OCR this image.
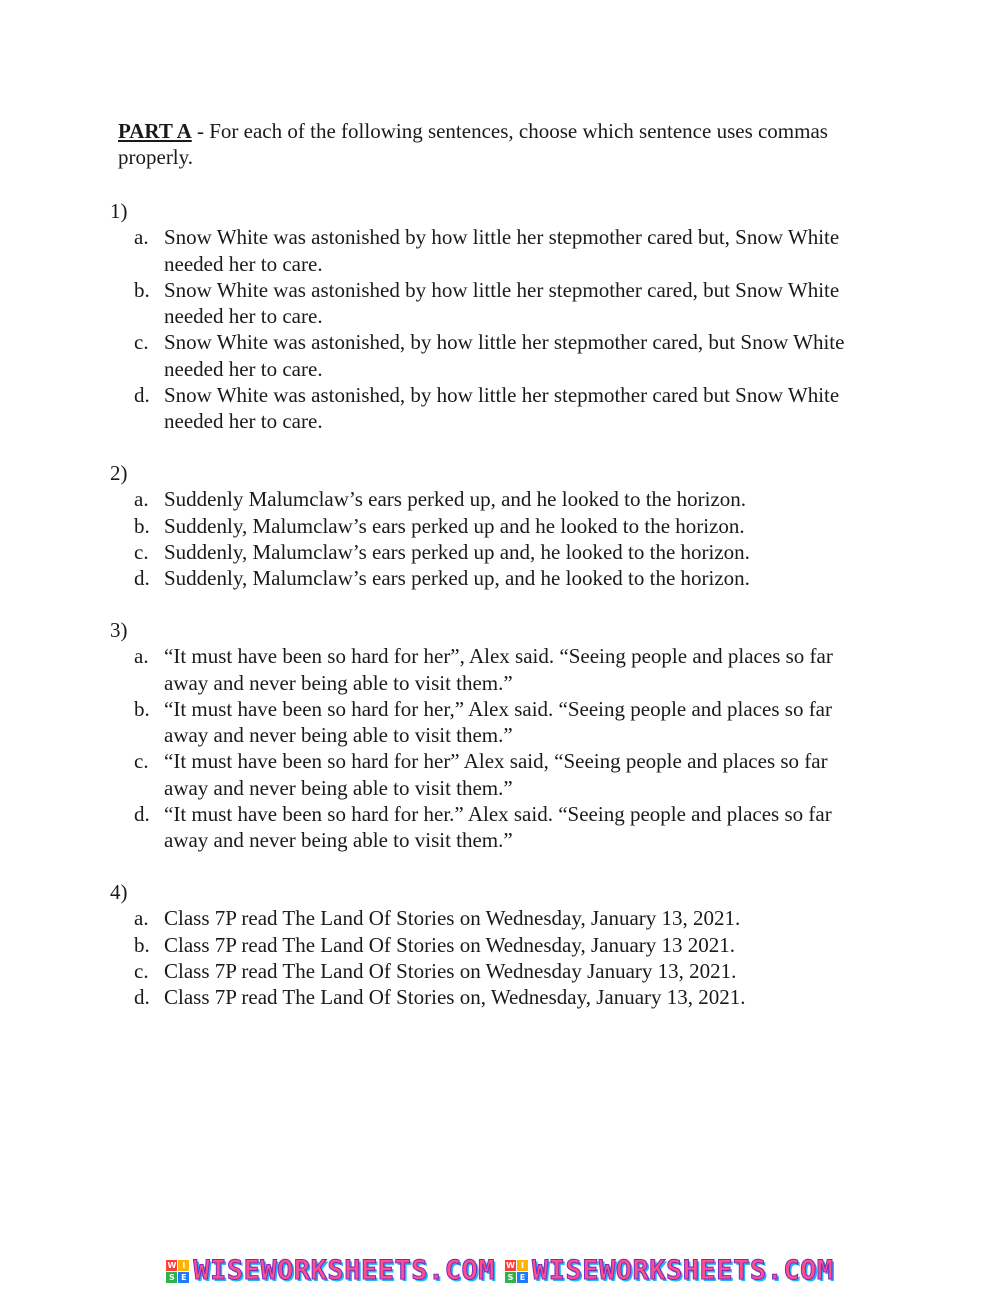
PART A - For each of the following sentences, choose which sentence uses commas properly.
1)
a. Snow White was astonished by how little her stepmother cared but, Snow White needed her to care.
b. Snow White was astonished by how little her stepmother cared, but Snow White needed her to care.
c. Snow White was astonished, by how little her stepmother cared, but Snow White needed her to care.
d. Snow White was astonished, by how little her stepmother cared but Snow White needed her to care.
2)
a. Suddenly Malumclaw’s ears perked up, and he looked to the horizon.
b. Suddenly, Malumclaw’s ears perked up and he looked to the horizon.
c. Suddenly, Malumclaw’s ears perked up and, he looked to the horizon.
d. Suddenly, Malumclaw’s ears perked up, and he looked to the horizon.
3)
a. “It must have been so hard for her”, Alex said. “Seeing people and places so far away and never being able to visit them.”
b. “It must have been so hard for her,” Alex said. “Seeing people and places so far away and never being able to visit them.”
c. “It must have been so hard for her” Alex said, “Seeing people and places so far away and never being able to visit them.”
d. “It must have been so hard for her.” Alex said. “Seeing people and places so far away and never being able to visit them.”
4)
a. Class 7P read The Land Of Stories on Wednesday, January 13, 2021.
b. Class 7P read The Land Of Stories on Wednesday, January 13 2021.
c. Class 7P read The Land Of Stories on Wednesday January 13, 2021.
d. Class 7P read The Land Of Stories on, Wednesday, January 13, 2021.
W I
S E WISEWORKSHEETS.COM W I
S E WISEWORKSHEETS.COM
